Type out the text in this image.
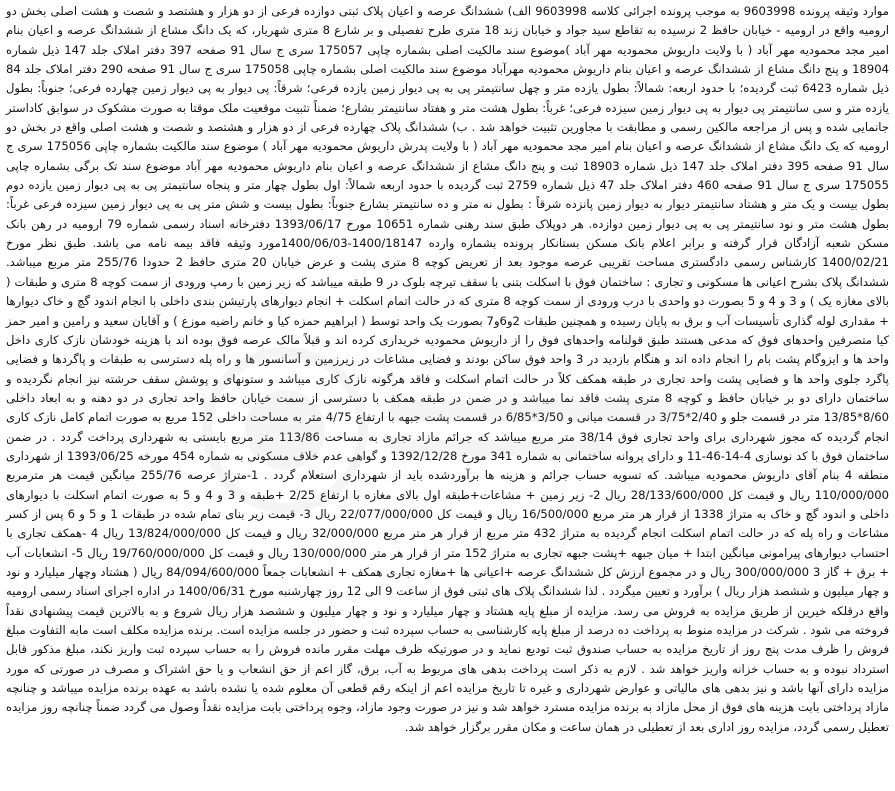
موارد وثیقه پرونده 9603998 به موجب پرونده اجرائی کلاسه 9603998 الف) ششدانگ عرصه و اعیان پلاک ثبتی دوازده فرعی از دو هزار و هشتصد و شصت و هشت اصلی بخش دو ارومیه واقع در ارومیه - خیابان حافظ 2 نرسیده به تقاطع سید جواد و خیابان زند 18 متری طرح تفصیلی و بر شارع 8 متری شهریار، که یک دانگ مشاع از ششدانگ عرصه و اعیان بنام امیر مجد محمودیه مهر آباد ( با ولایت داریوش محمودیه مهر آباد )موضوع سند مالکیت اصلی بشماره چاپی 175057 سری ج سال 91 صفحه 397 دفتر املاک جلد 147 ذیل شماره 18904 و پنج دانگ مشاع از ششدانگ عرصه و اعیان بنام داریوش محمودیه مهرآباد موضوع سند مالکیت اصلی بشماره چاپی 175058 سری ج سال 91 صفحه 290 دفتر املاک جلد 84 ذیل شماره 6423 ثبت گردیده؛ با حدود اربعه: شمالاً: بطول یازده متر و چهل سانتیمتر پی به پی دیوار زمین یازده فرعی؛ شرقاً: پی دیوار به پی دیوار زمین چهارده فرعی؛ جنوباً: بطول یازده متر و سی سانتیمتر پی دیوار به پی دیوار زمین سیزده فرعی؛ غرباً: بطول هشت متر و هفتاد سانتیمتر بشارع؛ ضمناً تثبیت موقعیت ملک موقتا به صورت مشکوک در سوابق کاداستر جانمایی شده و پس از مراجعه مالکین رسمی و مطابقت با مجاورین تثبیت خواهد شد . ب) ششدانگ پلاک چهارده فرعی از دو هزار و هشتصد و شصت و هشت اصلی واقع در بخش دو ارومیه که یک دانگ مشاع از ششدانگ عرصه و اعیان بنام امیر مجد محمودیه مهر آباد ( با ولایت پدرش داریوش محمودیه مهر آباد ) موضوع سند مالکیت بشماره چاپی 175056 سری ج سال 91 صفحه 395 دفتر املاک جلد 147 ذیل شماره 18903 ثبت و پنج دانگ مشاع از ششدانگ عرصه و اعیان بنام داریوش محمودیه مهر آباد موضوع سند تک برگی بشماره چاپی 175055 سری ج سال 91 صفحه 460 دفتر املاک جلد 47 ذیل شماره 2759 ثبت گردیده با حدود اربعه شمالاً: اول بطول چهار متر و پنجاه سانتیمتر پی به پی دیوار زمین یازده دوم بطول بیست و یک متر و هشتاد سانتیمتر دیوار به دیوار زمین پانزده شرقاً : بطول نه متر و ده سانتیمتر بشارع جنوباً: بطول بیست و شش متر پی به پی دیوار زمین سیزده فرعی غرباً: بطول هشت متر و نود سانتیمتر پی به پی دیوار زمین دوازده. هر دوپلاک طبق سند رهنی شماره 10651 مورخ 1393/06/17 دفترخانه اسناد رسمی شماره 79 ارومیه در رهن بانک مسکن شعبه آزادگان قرار گرفته و برابر اعلام بانک مسکن بستانکار پرونده بشماره وارده 1400/18147-1400/06/03مورد وثیقه فاقد بیمه نامه می باشد. طبق نظر مورخ 1400/02/21 کارشناس رسمی دادگستری مساحت تقریبی عرصه موجود بعد از تعریض کوچه 8 متری پشت و عرض خیابان 20 متری حافظ 2 حدودا 255/76 متر مربع میباشد. ششدانگ پلاک بشرح اعیانی ها مسکونی و تجاری : ساختمان فوق با اسکلت بتنی با سقف تیرچه بلوک در 9 طبقه میباشد که زیر زمین با رمپ ورودی از سمت کوچه 8 متری و طبقات ( بالای مغازه یک ) و 3 و 4 و 5 بصورت دو واحدی با درب ورودی از سمت کوچه 8 متری که در حالت اتمام اسکلت + انجام دیوارهای پارتیشن بندی داخلی با انجام اندود گچ و خاک دیوارها + مقداری لوله گذاری تأسیسات آب و برق به پایان رسیده و همچنین طبقات 2و6و7 بصورت یک واحد توسط ( ابراهیم حمزه کیا و خانم راضیه موزع ) و آقایان سعید و رامین و امیر حمز کیا متصرفین واحدهای فوق که مدعی هستند طبق قولنامه واحدهای فوق را از داریوش محمودیه خریداری کرده اند و قبلاً مالک عرصه فوق بوده اند با هزینه خودشان نازک کاری داخل واحد ها و ایزوگام پشت بام را انجام داده اند و هنگام بازدید در 3 واحد فوق ساکن بودند و فضایی مشاعات در زیرزمین و آسانسور ها و راه پله دسترسی به طبقات و پاگردها و فضایی پاگرد جلوی واحد ها و فضایی پشت واحد تجاری در طبقه همکف کلاً در حالت اتمام اسکلت و فاقد هرگونه نازک کاری میباشد و ستونهای و پوشش سقف حرشته نیز انجام نگردیده و ساختمان دارای دو بر خیابان حافظ و کوچه 8 متری پشت فاقد نما میباشد و در ضمن در طبقه همکف با دسترسی از سمت خیابان حافظ واحد تجاری در دو دهنه و به ابعاد داخلی 8/60*13/85 متر در قسمت جلو و 2/40*3/75 در قسمت میانی و 3/50*6/85 در قسمت پشت جبهه با ارتفاع 4/75 متر به مساحت داخلی 152 مربع به صورت اتمام کامل نازک کاری انجام گردیده که مجوز شهرداری برای واحد تجاری فوق 38/14 متر مربع میباشد که جرائم مازاد تجاری به مساحت 113/86 متر مربع بایستی به شهرداری پرداخت گردد . در ضمن ساختمان فوق با کد نوسازی 4-14-46-11 و دارای پروانه ساختمانی به شماره 341 مورخ 1392/12/28 و گواهی عدم خلاف مسکونی به شماره 454 مورخه 1393/06/25 از شهرداری منطقه 4 بنام آقای داریوش محمودیه میباشد. که تسویه حساب جرائم و هزینه ها برآوردشده باید از شهرداری استعلام گردد . 1-متراژ عرصه 255/76 میانگین قیمت هر مترمربع 110/000/000 ریال و قیمت کل 28/133/600/000 ریال 2- زیر زمین + مشاعات+طبقه اول بالای مغازه با ارتفاع 2/25 +طبقه و 3 و 4 و 5 به صورت اتمام اسکلت با دیوارهای داخلی و اندود گچ و خاک به متراژ 1338 از قرار هر متر مربع 16/500/000 ریال و قیمت کل 22/077/000/000 ریال 3- قیمت زیر بنای تمام شده در طبقات 1 و 5 و 6 پس از کسر مشاعات و راه پله که در حالت اتمام اسکلت انجام گردیده به متراژ 432 متر مربع از قرار هر متر مربع 32/000/000 ریال و قیمت کل 13/824/000/000 ریال 4 -همکف تجاری با احتساب دیوارهای پیرامونی میانگین ابتدا + میان جبهه +پشت جبهه تجاری به متراژ 152 متر از قرار هر متر 130/000/000 ریال و قیمت کل 19/760/000/000 ریال 5- انشعابات آب + برق + گاز 3 300/000/000 ریال و در مجموع ارزش کل ششدانگ عرصه +اعیانی ها +مغازه تجاری همکف + انشعابات جمعاً 84/094/600/000 ریال ( هشتاد وچهار میلیارد و نود و چهار میلیون و ششصد هزار ریال ) برآورد و تعیین میگردد . لذا ششدانگ پلاک های ثبتی فوق از ساعت 9 الی 12 روز چهارشنبه مورخ 1400/06/31 در اداره اجرای اسناد رسمی ارومیه واقع درقلکه خیرین از طریق مزایده به فروش می رسد. مزایده از مبلغ پایه هشتاد و چهار میلیارد و نود و چهار میلیون و ششصد هزار ریال شروع و به بالاترین قیمت پیشنهادی نقداً فروخته می شود . شرکت در مزایده منوط به پرداخت ده درصد از مبلغ پایه کارشناسی به حساب سپرده ثبت و حضور در جلسه مزایده است. برنده مزایده مکلف است مابه التفاوت مبلغ فروش را ظرف مدت پنج روز از تاریخ مزایده به حساب صندوق ثبت تودیع نماید و در صورتیکه ظرف مهلت مقرر مانده فروش را به حساب سپرده ثبت واریز نکند، مبلغ مذکور قابل استرداد نبوده و به حساب خزانه واریز خواهد شد . لازم به ذکر است پرداخت بدهی های مربوط به آب، برق، گاز اعم از حق انشعاب و یا حق اشتراک و مصرف در صورتی که مورد مزایده دارای آنها باشد و نیز بدهی های مالیاتی و عوارض شهرداری و غیره تا تاریخ مزایده اعم از اینکه رقم قطعی آن معلوم شده یا نشده باشد به عهده برنده مزایده میباشد و چنانچه مازاد پرداختی بابت هزینه های فوق از محل مازاد به برنده مزایده مسترد خواهد شد و نیز در صورت وجود مازاد، وجوه پرداختی بابت مزایده نقداً وصول می گردد ضمناً چنانچه روز مزایده تعطیل رسمی گردد، مزایده روز اداری بعد از تعطیلی در همان ساعت و مکان مقرر برگزار خواهد شد.
